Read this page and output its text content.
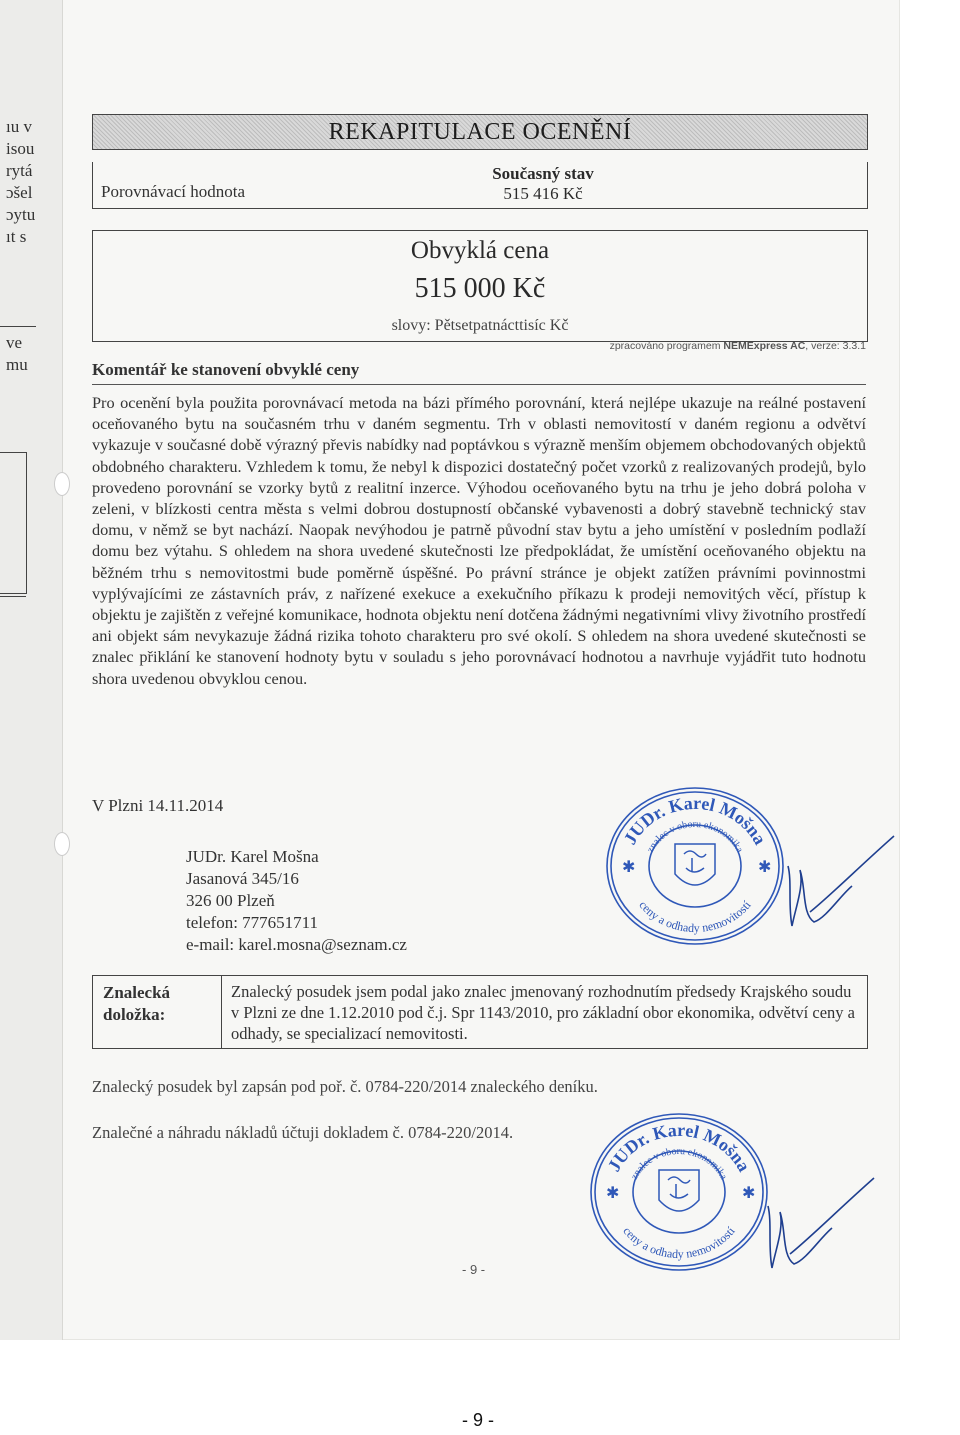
ıu v
isou
rytá
ɔšel
ɔytu
ıt s
ve
mu
REKAPITULACE OCENĚNÍ
Porovnávací hodnota
Současný stav
515 416 Kč
Obvyklá cena
515 000 Kč
slovy: Pětsetpatnácttisíc Kč
zpracováno programem NEMExpress AC, verze: 3.3.1
Komentář ke stanovení obvyklé ceny
Pro ocenění byla použita porovnávací metoda na bázi přímého porovnání, která nejlépe ukazuje na reálné postavení oceňovaného bytu na současném trhu v daném segmentu. Trh v oblasti nemovitostí v daném regionu a odvětví vykazuje v současné době výrazný převis nabídky nad poptávkou s výrazně menším objemem obchodovaných objektů obdobného charakteru. Vzhledem k tomu, že nebyl k dispozici dostatečný počet vzorků z realizovaných prodejů, bylo provedeno porovnání se vzorky bytů z realitní inzerce. Výhodou oceňovaného bytu na trhu je jeho dobrá poloha v zeleni, v blízkosti centra města s velmi dobrou dostupností občanské vybavenosti a dobrý stavebně technický stav domu, v němž se byt nachází. Naopak nevýhodou je patrně původní stav bytu a jeho umístění v posledním podlaží domu bez výtahu. S ohledem na shora uvedené skutečnosti lze předpokládat, že umístění oceňovaného objektu na běžném trhu s nemovitostmi bude poměrně úspěšné. Po právní stránce je objekt zatížen právními povinnostmi vyplývajícími ze zástavních práv, z nařízené exekuce a exekučního příkazu k prodeji nemovitých věcí, přístup k objektu je zajištěn z veřejné komunikace, hodnota objektu není dotčena žádnými negativními vlivy životního prostředí ani objekt sám nevykazuje žádná rizika tohoto charakteru pro své okolí. S ohledem na shora uvedené skutečnosti se znalec přiklání ke stanovení hodnoty bytu v souladu s jeho porovnávací hodnotou a navrhuje vyjádřit tuto hodnotu shora uvedenou obvyklou cenou.
V Plzni 14.11.2014
JUDr. Karel Mošna
Jasanová 345/16
326 00 Plzeň
telefon: 777651711
e-mail: karel.mosna@seznam.cz
JUDr. Karel Mošna
znalec v oboru ekonomika
ceny a odhady nemovitostí
✱	✱
Znalecká
doložka:
Znalecký posudek jsem podal jako znalec jmenovaný rozhodnutím předsedy Krajského soudu v Plzni ze dne 1.12.2010 pod č.j. Spr 1143/2010, pro základní obor ekonomika, odvětví ceny a odhady, se specializací nemovitosti.
Znalecký posudek byl zapsán pod poř. č. 0784-220/2014 znaleckého deníku.
Znalečné a náhradu nákladů účtuji dokladem č. 0784-220/2014.
JUDr. Karel Mošna
znalec v oboru ekonomika
ceny a odhady nemovitostí
✱	✱
- 9 -
- 9 -
